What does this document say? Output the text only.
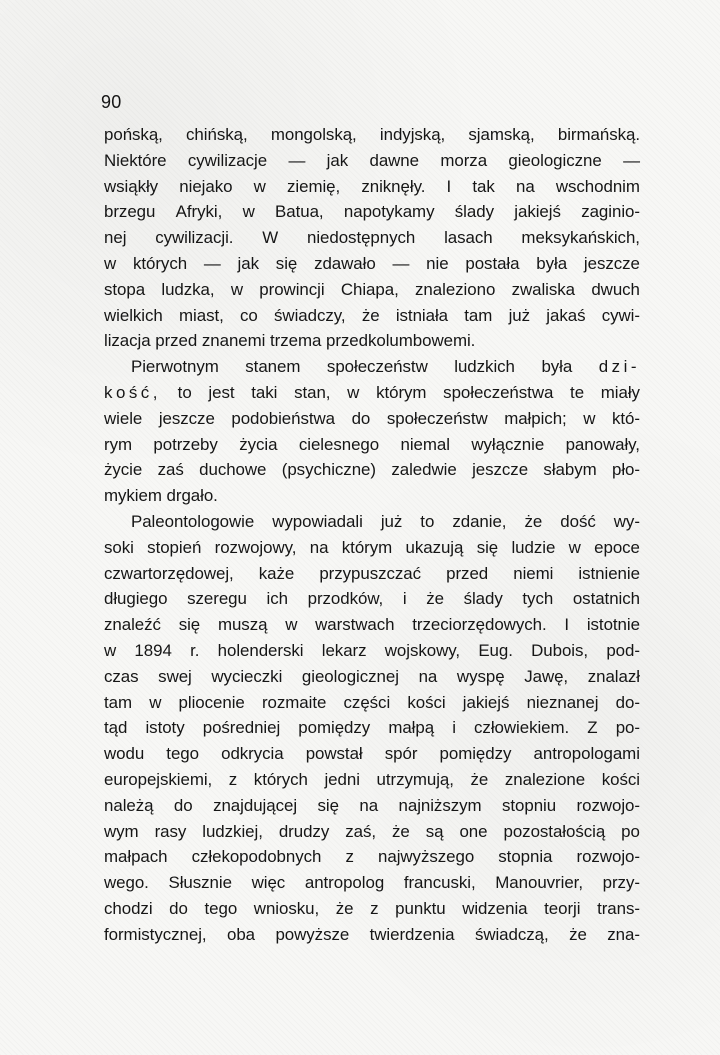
90
pońską, chińską, mongolską, indyjską, sjamską, birmańską.
Niektóre cywilizacje — jak dawne morza gieologiczne —
wsiąkły niejako w ziemię, zniknęły. I tak na wschodnim
brzegu Afryki, w Batua, napotykamy ślady jakiejś zaginio-
nej cywilizacji. W niedostępnych lasach meksykańskich,
w których — jak się zdawało — nie postała była jeszcze
stopa ludzka, w prowincji Chiapa, znaleziono zwaliska dwuch
wielkich miast, co świadczy, że istniała tam już jakaś cywi-
lizacja przed znanemi trzema przedkolumbowemi.
Pierwotnym stanem społeczeństw ludzkich była dzi-
kość, to jest taki stan, w którym społeczeństwa te miały
wiele jeszcze podobieństwa do społeczeństw małpich; w któ-
rym potrzeby życia cielesnego niemal wyłącznie panowały,
życie zaś duchowe (psychiczne) zaledwie jeszcze słabym pło-
mykiem drgało.
Paleontologowie wypowiadali już to zdanie, że dość wy-
soki stopień rozwojowy, na którym ukazują się ludzie w epoce
czwartorzędowej, każe przypuszczać przed niemi istnienie
długiego szeregu ich przodków, i że ślady tych ostatnich
znaleźć się muszą w warstwach trzeciorzędowych. I istotnie
w 1894 r. holenderski lekarz wojskowy, Eug. Dubois, pod-
czas swej wycieczki gieologicznej na wyspę Jawę, znalazł
tam w pliocenie rozmaite części kości jakiejś nieznanej do-
tąd istoty pośredniej pomiędzy małpą i człowiekiem. Z po-
wodu tego odkrycia powstał spór pomiędzy antropologami
europejskiemi, z których jedni utrzymują, że znalezione kości
należą do znajdującej się na najniższym stopniu rozwojo-
wym rasy ludzkiej, drudzy zaś, że są one pozostałością po
małpach człekopodobnych z najwyższego stopnia rozwojo-
wego. Słusznie więc antropolog francuski, Manouvrier, przy-
chodzi do tego wniosku, że z punktu widzenia teorji trans-
formistycznej, oba powyższe twierdzenia świadczą, że zna-
